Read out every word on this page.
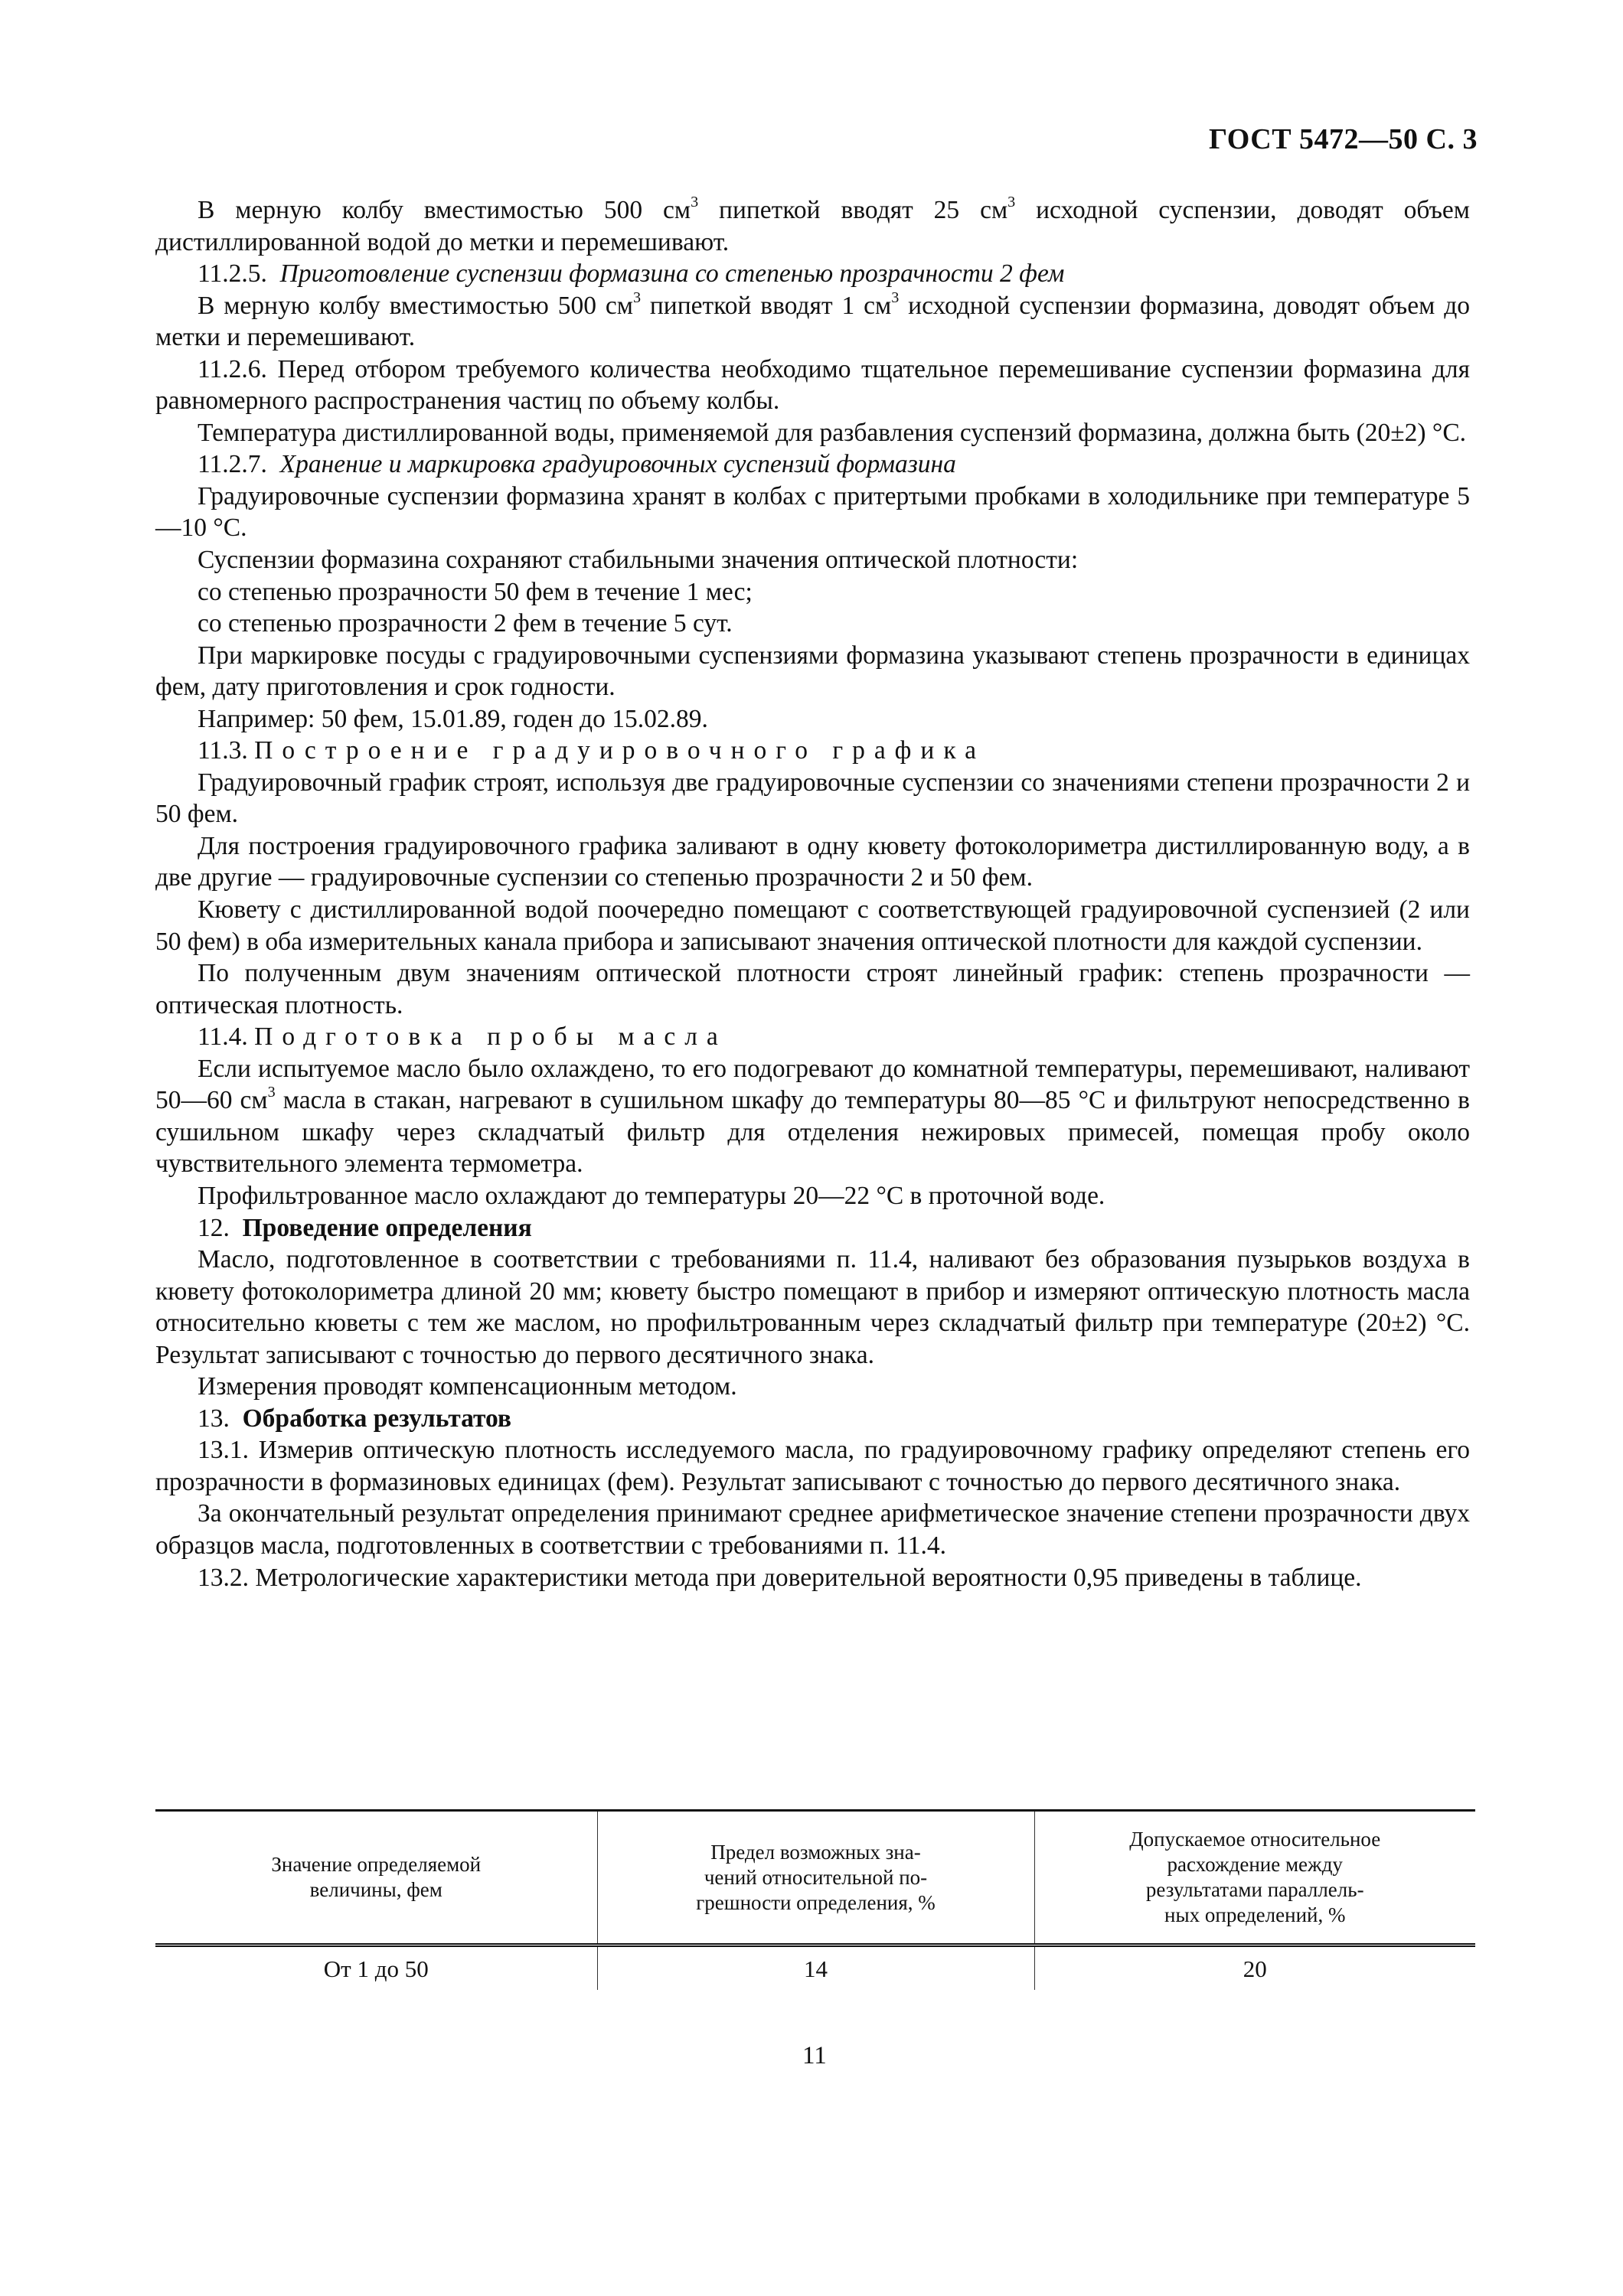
ГОСТ 5472—50 С. 3

В мерную колбу вместимостью 500 $см^3$ пипеткой вводят 25 $см^3$ исходной суспензии, доводят объем дистиллированной водой до метки и перемешивают.

11.2.5. Приготовление суспензии формазина со степенью прозрачности 2 фем

В мерную колбу вместимостью 500 $см^3$ пипеткой вводят 1 $см^3$ исходной суспензии формазина, доводят объем до метки и перемешивают.

11.2.6. Перед отбором требуемого количества необходимо тщательное перемешивание суспензии формазина для равномерного распространения частиц по объему колбы.

Температура дистиллированной воды, применяемой для разбавления суспензий формазина, должна быть (20±2) °С.

11.2.7. Хранение и маркировка градуировочных суспензий формазина

Градуировочные суспензии формазина хранят в колбах с притертыми пробками в холодильнике при температуре 5—10 °С.

Суспензии формазина сохраняют стабильными значения оптической плотности:

со степенью прозрачности 50 фем в течение 1 мес;

со степенью прозрачности 2 фем в течение 5 сут.

При маркировке посуды с градуировочными суспензиями формазина указывают степень прозрачности в единицах фем, дату приготовления и срок годности.

Например: 50 фем, 15.01.89, годен до 15.02.89.

11.3. Построение градуировочного графика

Градуировочный график строят, используя две градуировочные суспензии со значениями степени прозрачности 2 и 50 фем.

Для построения градуировочного графика заливают в одну кювету фотоколориметра дистиллированную воду, а в две другие — градуировочные суспензии со степенью прозрачности 2 и 50 фем.

Кювету с дистиллированной водой поочередно помещают с соответствующей градуировочной суспензией (2 или 50 фем) в оба измерительных канала прибора и записывают значения оптической плотности для каждой суспензии.

По полученным двум значениям оптической плотности строят линейный график: степень прозрачности — оптическая плотность.

11.4. Подготовка пробы масла

Если испытуемое масло было охлаждено, то его подогревают до комнатной температуры, перемешивают, наливают 50—60 $см^3$ масла в стакан, нагревают в сушильном шкафу до температуры 80—85 °С и фильтруют непосредственно в сушильном шкафу через складчатый фильтр для отделения нежировых примесей, помещая пробу около чувствительного элемента термометра.

Профильтрованное масло охлаждают до температуры 20—22 °С в проточной воде.

12. Проведение определения

Масло, подготовленное в соответствии с требованиями п. 11.4, наливают без образования пузырьков воздуха в кювету фотоколориметра длиной 20 мм; кювету быстро помещают в прибор и измеряют оптическую плотность масла относительно кюветы с тем же маслом, но профильтрованным через складчатый фильтр при температуре (20±2) °С. Результат записывают с точностью до первого десятичного знака.

Измерения проводят компенсационным методом.

13. Обработка результатов

13.1. Измерив оптическую плотность исследуемого масла, по градуировочному графику определяют степень его прозрачности в формазиновых единицах (фем). Результат записывают с точностью до первого десятичного знака.

За окончательный результат определения принимают среднее арифметическое значение степени прозрачности двух образцов масла, подготовленных в соответствии с требованиями п. 11.4.

13.2. Метрологические характеристики метода при доверительной вероятности 0,95 приведены в таблице.

Значение определяемой
величины, фем	Предел возможных зна-
чений относительной по-
грешности определения, %	Допускаемое относительное
расхождение между
результатами параллель-
ных определений, %
От 1 до 50	14	20
11
